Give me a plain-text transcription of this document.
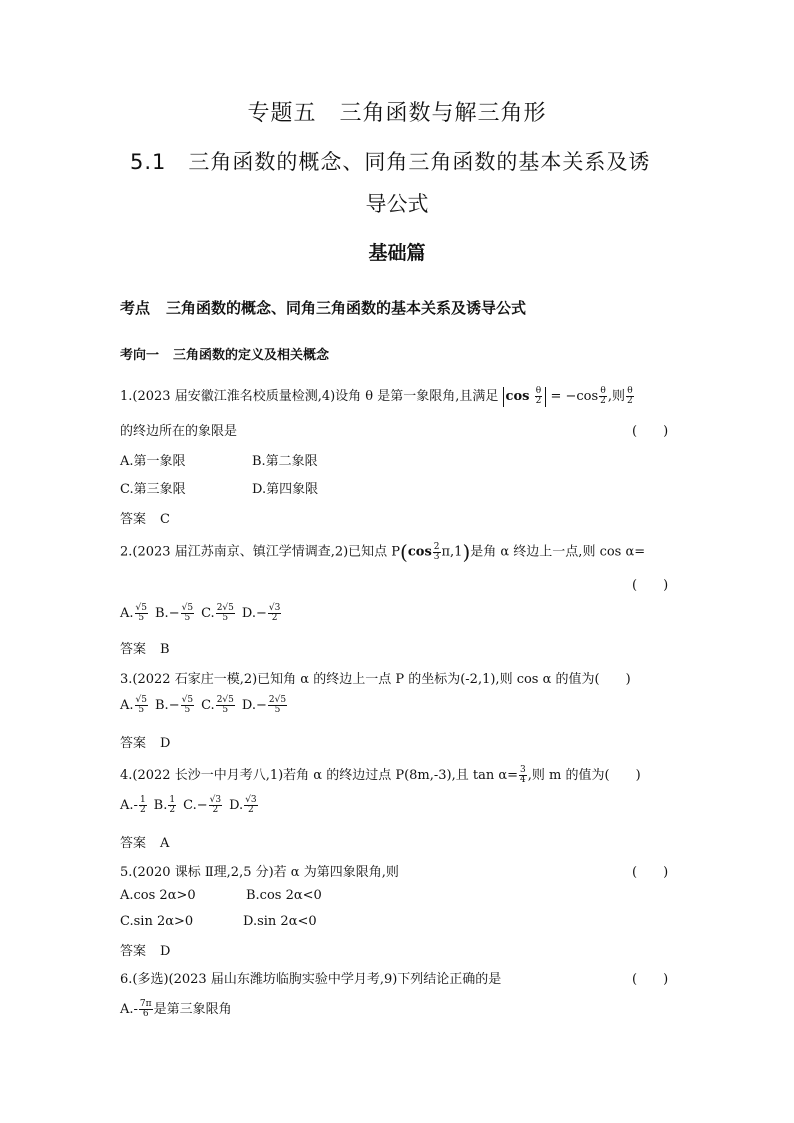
专题五　三角函数与解三角形
5.1　三角函数的概念、同角三角函数的基本关系及诱
导公式
基础篇
考点 三角函数的概念、同角三角函数的基本关系及诱导公式
考向一 三角函数的定义及相关概念
1.(2023 届安徽江淮名校质量检测,4)设角 θ 是第一象限角,且满足 $\cos \frac{\theta}{2} = -\cos \frac{\theta}{2}$ ,则 $\frac{\theta}{2}$
的终边所在的象限是	(　　)
A.第一象限	B.第二象限
C.第三象限	D.第四象限
答案 C
2.(2023 届江苏南京、镇江学情调查,2)已知点 $P(\cos \frac{2}{3} \pi,1)$是角 α 终边上一点,则 cos α=
(　　)
A. $\frac{√5}{5} B.- \frac{√5}{5} C$. $\frac{2√5}{5} D.- \frac{√3}{2}$
答案 B
3.(2022 石家庄一模,2)已知角 α 的终边上一点 P 的坐标为(-2,1),则 cos α 的值为(　　)
A. $\frac{√5}{5} B.- \frac{√5}{5} C$. $\frac{2√5}{5} D.- \frac{2√5}{5}$
答案 D
4.(2022 长沙一中月考八,1)若角 α 的终边过点 P(8m,-3),且 $\tan \alpha= \frac{3}{4}$ ,则 m 的值为(　　)
$A.- \frac{1}{2} B$. $\frac{1}{2} C.- \frac{√3}{2} D$. $\frac{√3}{2}$
答案 A
5.(2020 课标 Ⅱ理,2,5 分)若 α 为第四象限角,则	(　　)
A.cos 2α>0	B.cos 2α<0
C.sin 2α>0	D.sin 2α<0
答案 D
6.(多选)(2023 届山东潍坊临朐实验中学月考,9)下列结论正确的是	(　　)
$A.- \frac{7\pi}{6}$ 是第三象限角
